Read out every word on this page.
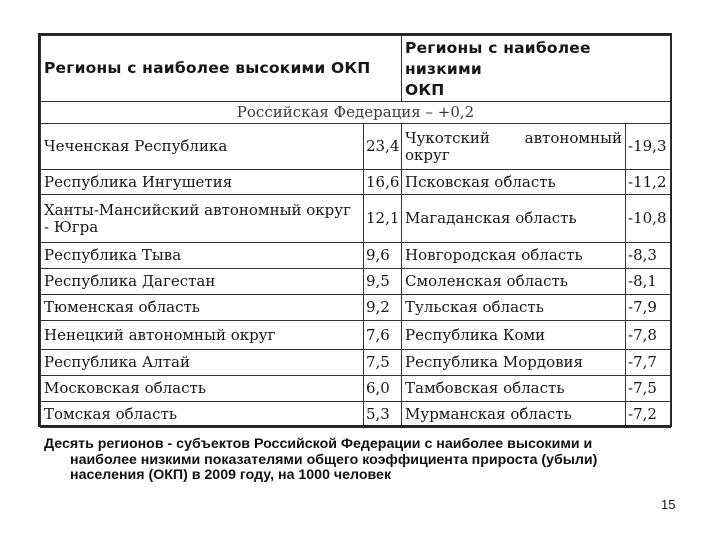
Регионы с наиболее высокими ОКП		Регионы с наиболее низкими
ОКП	
Российская Федерация – +0,2			
Чеченская Республика	23,4	Чукотский автономный
округ	-19,3
Республика Ингушетия	16,6	Псковская область	-11,2
Ханты-Мансийский автономный округ
- Югра	12,1	Магаданская область	-10,8
Республика Тыва	9,6	Новгородская область	-8,3
Республика Дагестан	9,5	Смоленская область	-8,1
Тюменская область	9,2	Тульская область	-7,9
Ненецкий автономный округ	7,6	Республика Коми	-7,8
Республика Алтай	7,5	Республика Мордовия	-7,7
Московская область	6,0	Тамбовская область	-7,5
Томская область	5,3	Мурманская область	-7,2
Десять регионов - субъектов Российской Федерации с наиболее высокими и
наиболее низкими показателями общего коэффициента прироста (убыли)
населения (ОКП) в 2009 году, на 1000 человек
15
